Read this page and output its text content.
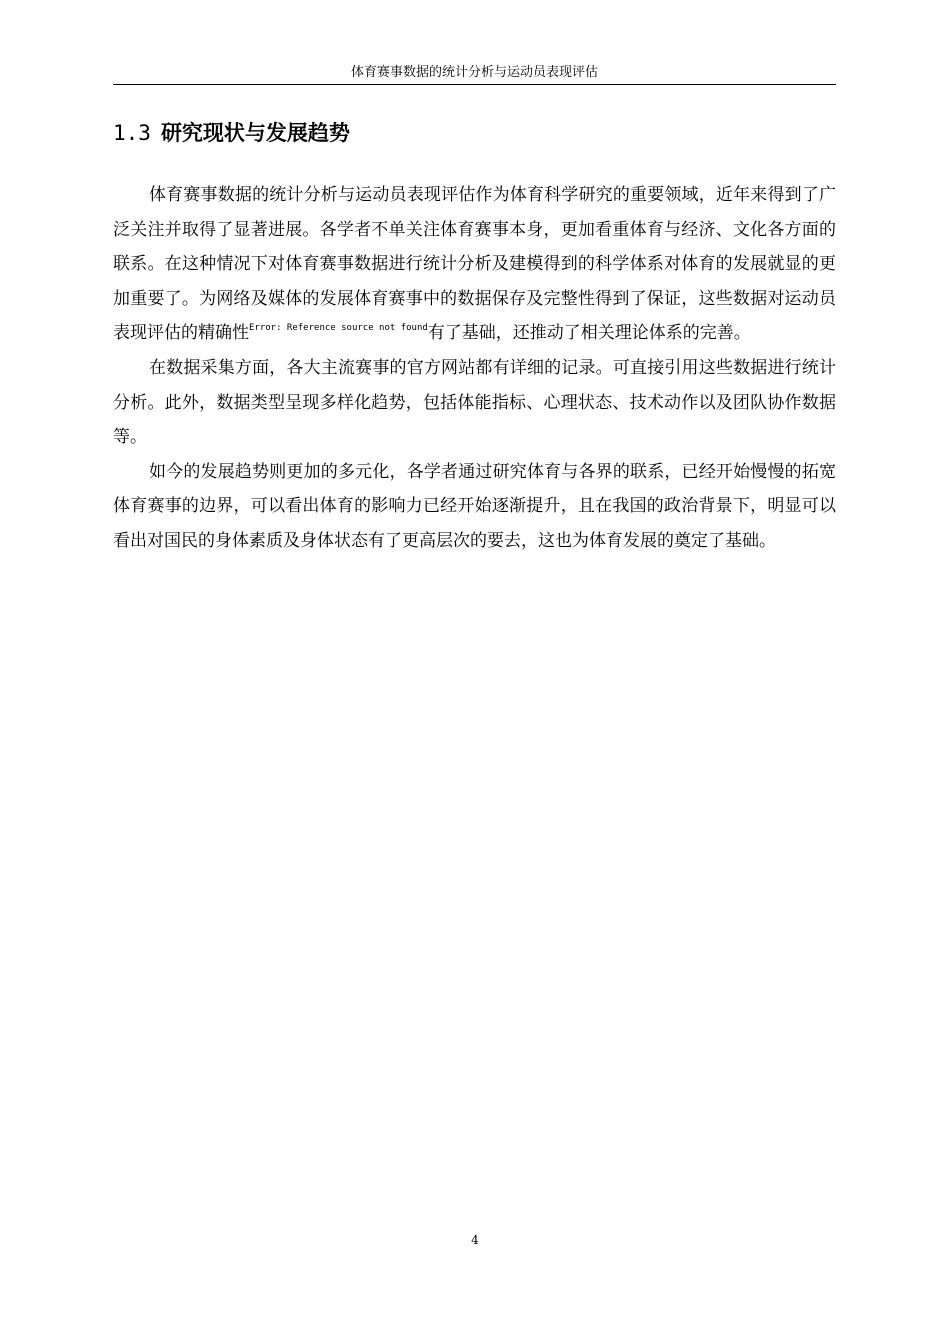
体育赛事数据的统计分析与运动员表现评估
1.3 研究现状与发展趋势

体育赛事数据的统计分析与运动员表现评估作为体育科学研究的重要领域，近年来得到了广泛关注并取得了显著进展。各学者不单关注体育赛事本身，更加看重体育与经济、文化各方面的联系。在这种情况下对体育赛事数据进行统计分析及建模得到的科学体系对体育的发展就显的更加重要了。为网络及媒体的发展体育赛事中的数据保存及完整性得到了保证，这些数据对运动员表现评估的精确性$^{Error: Reference source not found}$有了基础，还推动了相关理论体系的完善。

在数据采集方面，各大主流赛事的官方网站都有详细的记录。可直接引用这些数据进行统计分析。此外，数据类型呈现多样化趋势，包括体能指标、心理状态、技术动作以及团队协作数据等。

如今的发展趋势则更加的多元化，各学者通过研究体育与各界的联系，已经开始慢慢的拓宽体育赛事的边界，可以看出体育的影响力已经开始逐渐提升，且在我国的政治背景下，明显可以看出对国民的身体素质及身体状态有了更高层次的要去，这也为体育发展的奠定了基础。

4
